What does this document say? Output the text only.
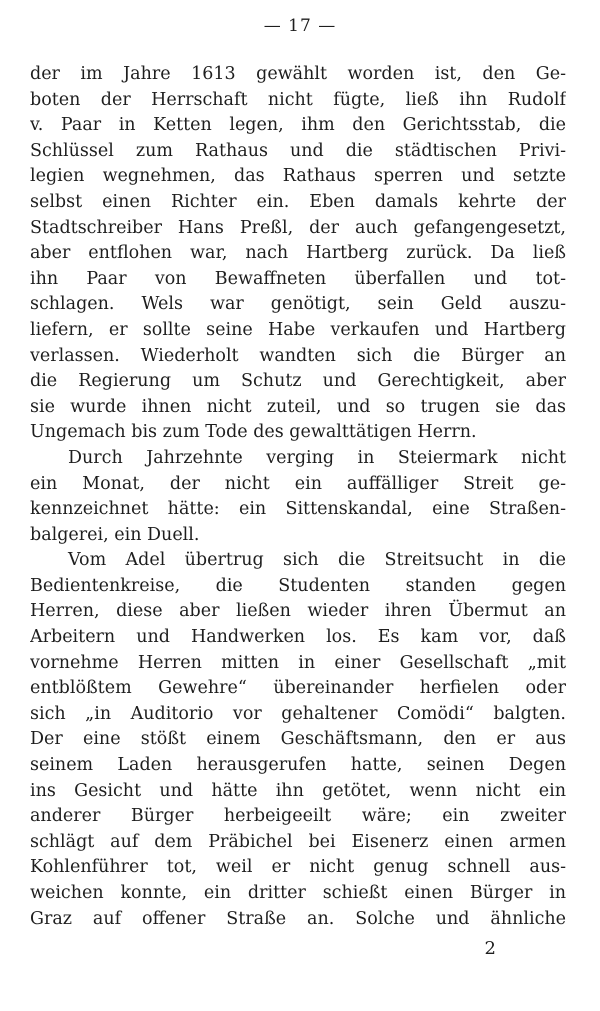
— 17 —
der im Jahre 1613 gewählt worden ist, den Ge-
boten der Herrschaft nicht fügte, ließ ihn Rudolf
v. Paar in Ketten legen, ihm den Gerichtsstab, die
Schlüssel zum Rathaus und die städtischen Privi-
legien wegnehmen, das Rathaus sperren und setzte
selbst einen Richter ein. Eben damals kehrte der
Stadtschreiber Hans Preßl, der auch gefangengesetzt,
aber entflohen war, nach Hartberg zurück. Da ließ
ihn Paar von Bewaffneten überfallen und tot-
schlagen. Wels war genötigt, sein Geld auszu-
liefern, er sollte seine Habe verkaufen und Hartberg
verlassen. Wiederholt wandten sich die Bürger an
die Regierung um Schutz und Gerechtigkeit, aber
sie wurde ihnen nicht zuteil, und so trugen sie das
Ungemach bis zum Tode des gewalttätigen Herrn.
Durch Jahrzehnte verging in Steiermark nicht
ein Monat, der nicht ein auffälliger Streit ge-
kennzeichnet hätte: ein Sittenskandal, eine Straßen-
balgerei, ein Duell.
Vom Adel übertrug sich die Streitsucht in die
Bedientenkreise, die Studenten standen gegen
Herren, diese aber ließen wieder ihren Übermut an
Arbeitern und Handwerken los. Es kam vor, daß
vornehme Herren mitten in einer Gesellschaft „mit
entblößtem Gewehre“ übereinander herfielen oder
sich „in Auditorio vor gehaltener Comödi“ balgten.
Der eine stößt einem Geschäftsmann, den er aus
seinem Laden herausgerufen hatte, seinen Degen
ins Gesicht und hätte ihn getötet, wenn nicht ein
anderer Bürger herbeigeeilt wäre; ein zweiter
schlägt auf dem Präbichel bei Eisenerz einen armen
Kohlenführer tot, weil er nicht genug schnell aus-
weichen konnte, ein dritter schießt einen Bürger in
Graz auf offener Straße an. Solche und ähnliche
2
